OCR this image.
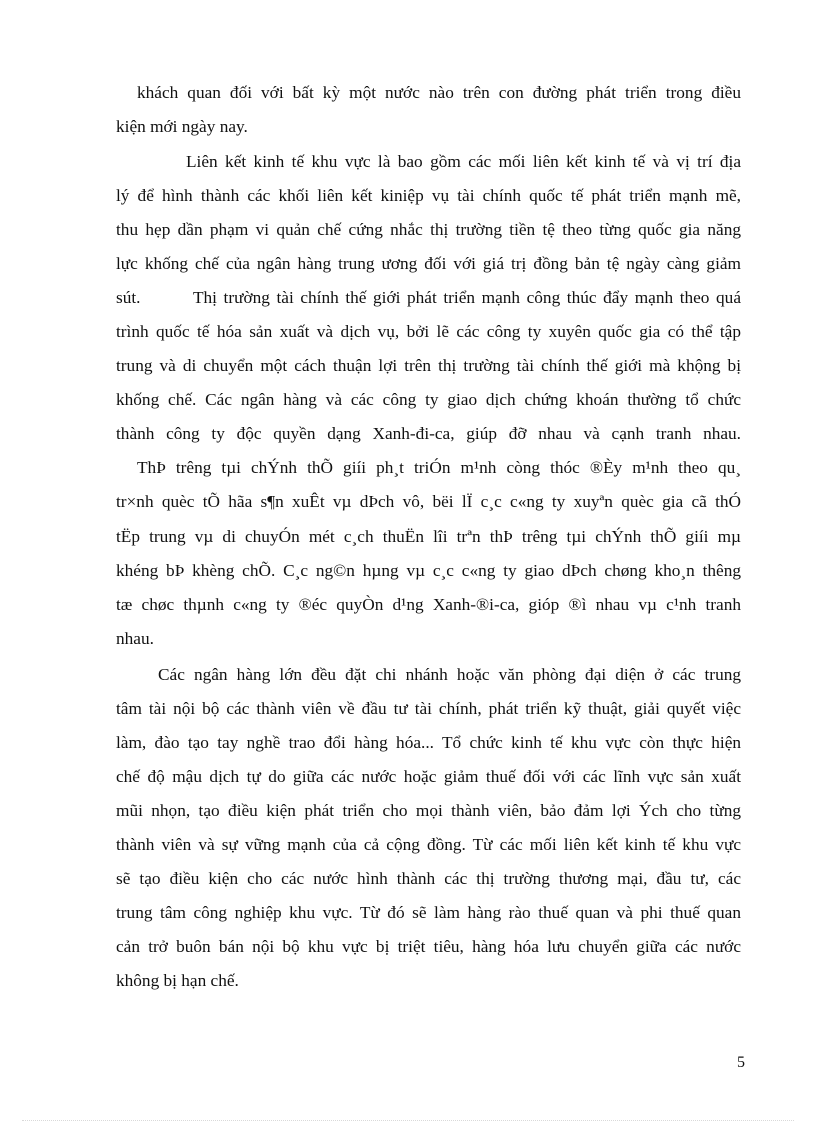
khách quan đối với bất kỳ một nước nào trên con đường phát triển trong điều
kiện mới ngày nay.
Liên kết kinh tế khu vực là bao gồm các mối liên kết kinh tế và vị trí địa
lý để hình thành các khối liên kết kiniệp vụ tài chính quốc tế phát triển mạnh mẽ,
thu hẹp dần phạm vi quản chế cứng nhắc thị trường tiền tệ theo từng quốc gia năng
lực khống chế của ngân hàng trung ương đối với giá trị đồng bản tệ ngày càng giảm
sút.        Thị trường tài chính thế giới phát triển mạnh công thúc đẩy mạnh theo quá
trình quốc tế hóa sản xuất và dịch vụ, bởi lẽ các công ty xuyên quốc gia có thể tập
trung và di chuyển một cách thuận lợi trên thị trường tài chính thế giới mà khộng bị
khống chế. Các ngân hàng và các công ty giao dịch chứng khoán thường tổ chức
thành công ty độc quyền dạng Xanh-đi-ca, giúp đỡ nhau và cạnh tranh nhau.
ThÞ trêng tµi chÝnh thÕ giíi ph¸t triÓn m¹nh còng thóc ®Èy m¹nh theo qu¸
tr×nh quèc tÕ hãa s¶n xuÊt vµ dÞch vô, bëi lÏ c¸c c«ng ty xuyªn quèc gia cã thÓ
tËp trung vµ di chuyÓn mét c¸ch thuËn lîi trªn thÞ trêng tµi chÝnh thÕ giíi mµ
khéng bÞ khèng chÕ. C¸c ng©n hµng vµ c¸c c«ng ty giao dÞch chøng kho¸n thêng
tæ chøc thµnh c«ng ty ®éc quyÒn d¹ng Xanh-®i-ca, gióp ®ì nhau vµ c¹nh tranh
nhau.
Các ngân hàng lớn đều đặt chi nhánh hoặc văn phòng đại diện ở các trung
tâm tài nội bộ các thành viên về đầu tư tài chính, phát triển kỹ thuật, giải quyết việc
làm, đào tạo tay nghề trao đổi hàng hóa... Tổ chức kinh tế khu vực còn thực hiện
chế độ mậu dịch tự do giữa các nước hoặc giảm thuế đối với các lĩnh vực sản xuất
mũi nhọn, tạo điều kiện phát triển cho mọi thành viên, bảo đảm lợi Ých cho từng
thành viên và sự vững mạnh của cả cộng đồng. Từ các mối liên kết kinh tế khu vực
sẽ tạo điều kiện cho các nước hình thành các thị trường thương mại, đầu tư, các
trung tâm công nghiệp khu vực. Từ đó sẽ làm hàng rào thuế quan và phi thuế quan
cản trở buôn bán nội bộ khu vực bị triệt tiêu, hàng hóa lưu chuyển giữa các nước
không bị hạn chế.
5
